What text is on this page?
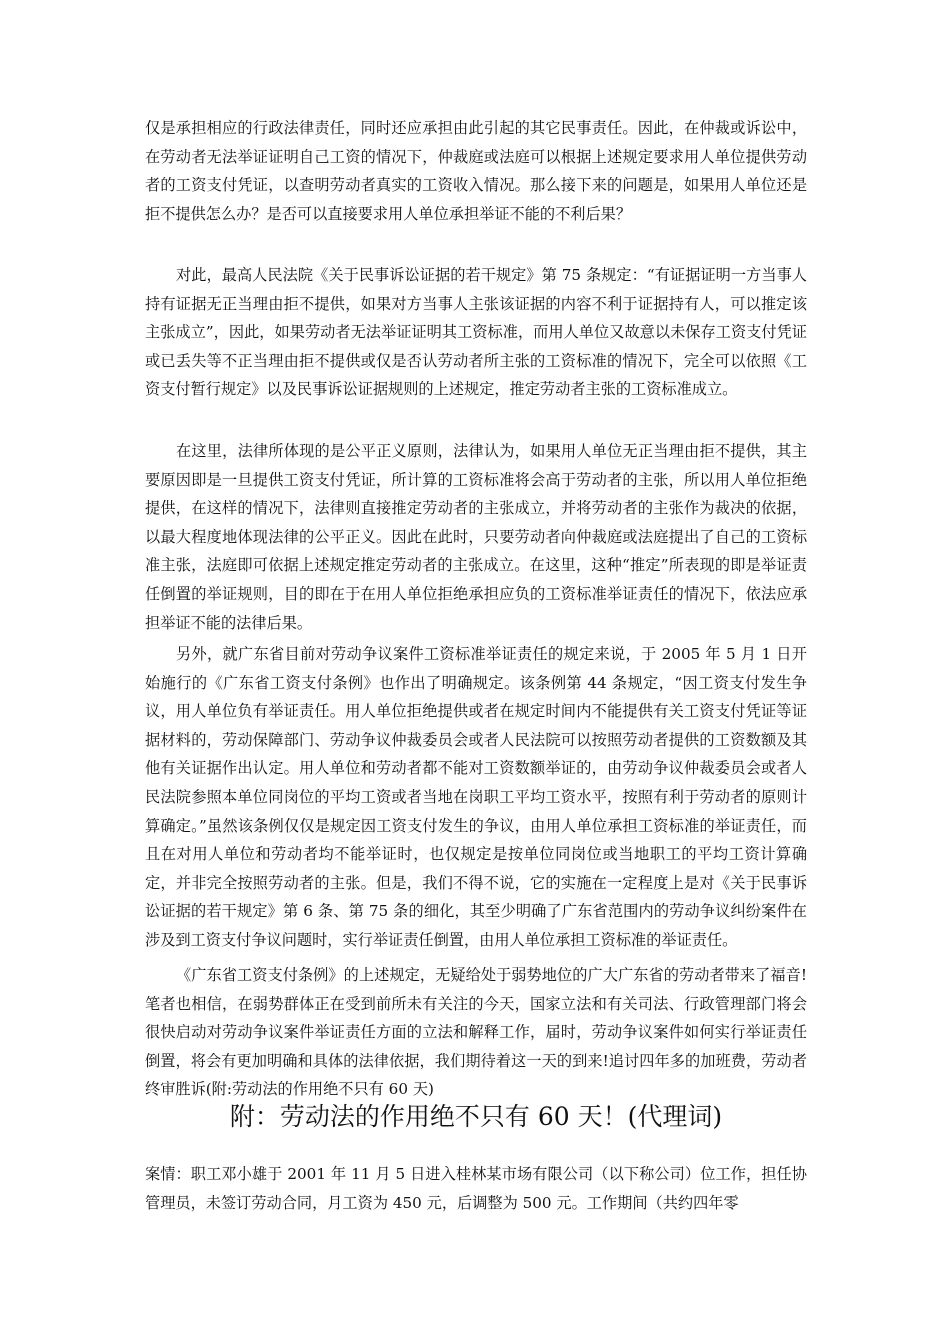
仅是承担相应的行政法律责任，同时还应承担由此引起的其它民事责任。因此，在仲裁或诉讼中，在劳动者无法举证证明自己工资的情况下，仲裁庭或法庭可以根据上述规定要求用人单位提供劳动者的工资支付凭证，以查明劳动者真实的工资收入情况。那么接下来的问题是，如果用人单位还是拒不提供怎么办？是否可以直接要求用人单位承担举证不能的不利后果？

对此，最高人民法院《关于民事诉讼证据的若干规定》第 75 条规定：“有证据证明一方当事人持有证据无正当理由拒不提供，如果对方当事人主张该证据的内容不利于证据持有人，可以推定该主张成立”，因此，如果劳动者无法举证证明其工资标准，而用人单位又故意以未保存工资支付凭证或已丢失等不正当理由拒不提供或仅是否认劳动者所主张的工资标准的情况下，完全可以依照《工资支付暂行规定》以及民事诉讼证据规则的上述规定，推定劳动者主张的工资标准成立。

在这里，法律所体现的是公平正义原则，法律认为，如果用人单位无正当理由拒不提供，其主要原因即是一旦提供工资支付凭证，所计算的工资标准将会高于劳动者的主张，所以用人单位拒绝提供，在这样的情况下，法律则直接推定劳动者的主张成立，并将劳动者的主张作为裁决的依据，以最大程度地体现法律的公平正义。因此在此时，只要劳动者向仲裁庭或法庭提出了自己的工资标准主张，法庭即可依据上述规定推定劳动者的主张成立。在这里，这种“推定”所表现的即是举证责任倒置的举证规则，目的即在于在用人单位拒绝承担应负的工资标准举证责任的情况下，依法应承担举证不能的法律后果。

另外，就广东省目前对劳动争议案件工资标准举证责任的规定来说，于 2005 年 5 月 1 日开始施行的《广东省工资支付条例》也作出了明确规定。该条例第 44 条规定，“因工资支付发生争议，用人单位负有举证责任。用人单位拒绝提供或者在规定时间内不能提供有关工资支付凭证等证据材料的，劳动保障部门、劳动争议仲裁委员会或者人民法院可以按照劳动者提供的工资数额及其他有关证据作出认定。用人单位和劳动者都不能对工资数额举证的，由劳动争议仲裁委员会或者人民法院参照本单位同岗位的平均工资或者当地在岗职工平均工资水平，按照有利于劳动者的原则计算确定。”虽然该条例仅仅是规定因工资支付发生的争议，由用人单位承担工资标准的举证责任，而且在对用人单位和劳动者均不能举证时，也仅规定是按单位同岗位或当地职工的平均工资计算确定，并非完全按照劳动者的主张。但是，我们不得不说，它的实施在一定程度上是对《关于民事诉讼证据的若干规定》第 6 条、第 75 条的细化，其至少明确了广东省范围内的劳动争议纠纷案件在涉及到工资支付争议问题时，实行举证责任倒置，由用人单位承担工资标准的举证责任。

《广东省工资支付条例》的上述规定，无疑给处于弱势地位的广大广东省的劳动者带来了福音!笔者也相信，在弱势群体正在受到前所未有关注的今天，国家立法和有关司法、行政管理部门将会很快启动对劳动争议案件举证责任方面的立法和解释工作，届时，劳动争议案件如何实行举证责任倒置，将会有更加明确和具体的法律依据，我们期待着这一天的到来!追讨四年多的加班费，劳动者终审胜诉(附:劳动法的作用绝不只有 60 天)

附：劳动法的作用绝不只有 60 天！(代理词)

案情：职工邓小雄于 2001 年 11 月 5 日进入桂林某市场有限公司（以下称公司）位工作，担任协管理员，未签订劳动合同，月工资为 450 元，后调整为 500 元。工作期间（共约四年零
